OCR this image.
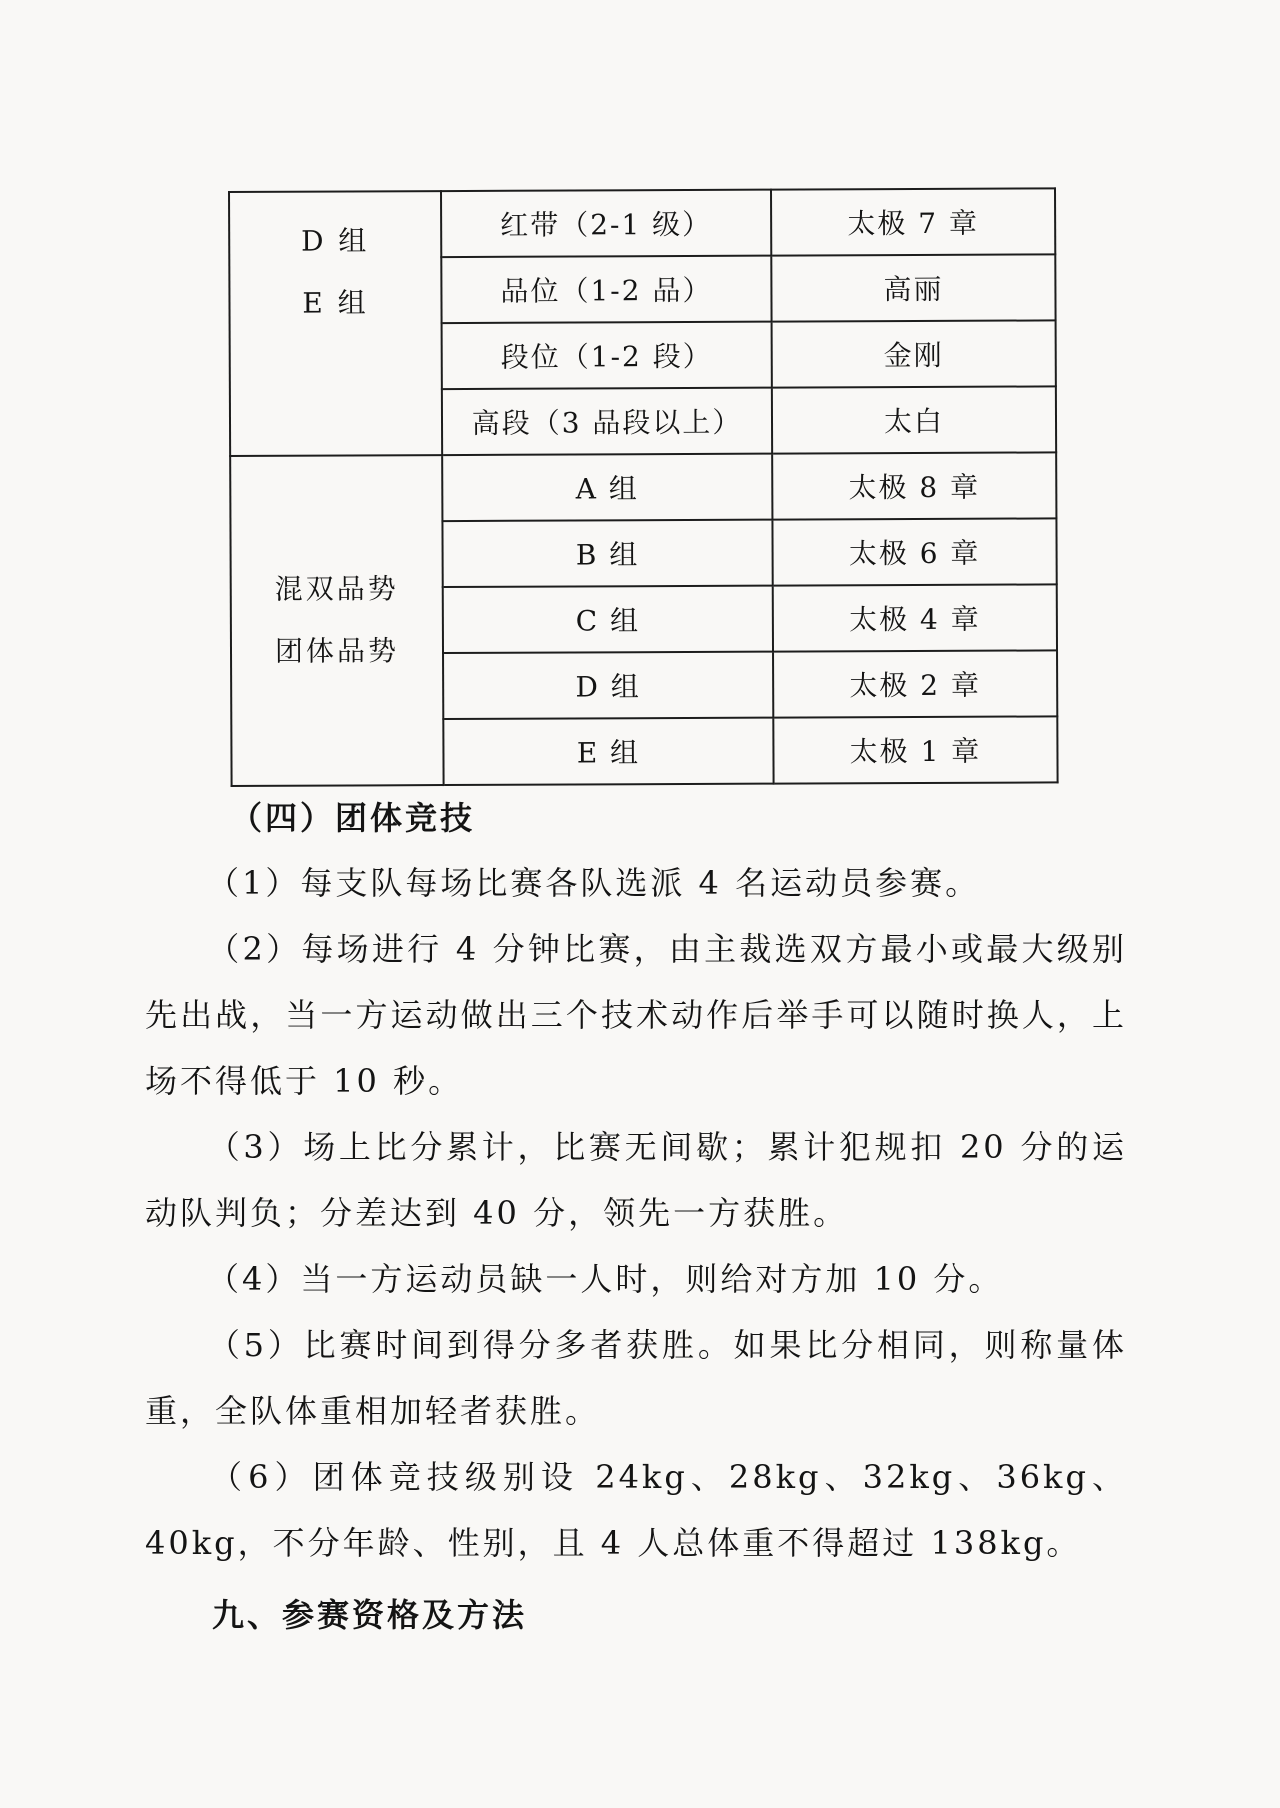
D 组
E 组	红带（2-1 级）	太极 7 章
	品位（1-2 品）	高丽
	段位（1-2 段）	金刚
	高段（3 品段以上）	太白

混双品势
团体品势	A 组	太极 8 章
	B 组	太极 6 章
	C 组	太极 4 章
	D 组	太极 2 章
	E 组	太极 1 章
（四）团体竞技
（1）每支队每场比赛各队选派 4 名运动员参赛。
（2）每场进行 4 分钟比赛，由主裁选双方最小或最大级别先出战，当一方运动做出三个技术动作后举手可以随时换人，上场不得低于 10 秒。
（3）场上比分累计，比赛无间歇；累计犯规扣 20 分的运动队判负；分差达到 40 分，领先一方获胜。
（4）当一方运动员缺一人时，则给对方加 10 分。
（5）比赛时间到得分多者获胜。如果比分相同，则称量体重，全队体重相加轻者获胜。
（6）团体竞技级别设 24kg、28kg、32kg、36kg、40kg，不分年龄、性别，且 4 人总体重不得超过 138kg。
九、参赛资格及方法
